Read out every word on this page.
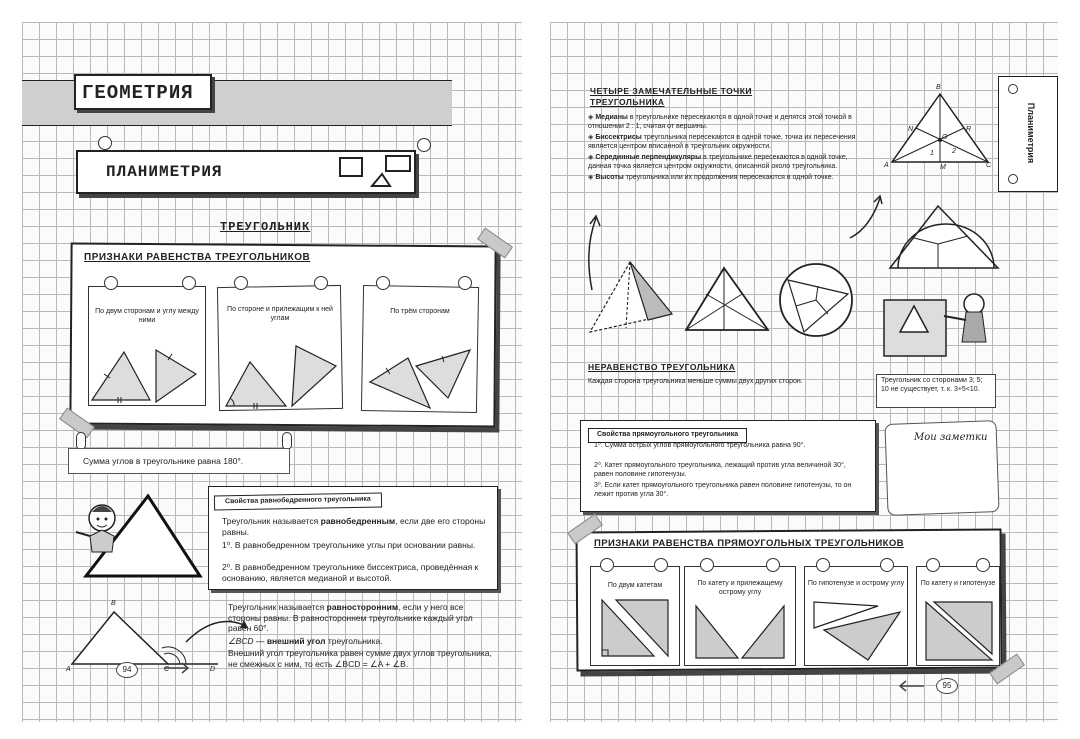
ГЕОМЕТРИЯ
ПЛАНИМЕТРИЯ
ТРЕУГОЛЬНИК
ПРИЗНАКИ РАВЕНСТВА ТРЕУГОЛЬНИКОВ
По двум сторонам и углу между ними
По стороне и прилежащим к ней углам
По трём сторонам
Сумма углов в треугольнике равна 180°.
Свойства равнобедренного треугольника
Треугольник называется равнобедренным, если две его стороны равны.
1⁰. В равнобедренном треугольнике углы при основании равны.
2⁰. В равнобедренном треугольнике биссектриса, проведённая к основанию, является медианой и высотой.
B
A	C	D
Треугольник называется равносторонним, если у него все стороны равны. В равностороннем треугольнике каждый угол равен 60°.
∠BCD — внешний угол треугольника.
Внешний угол треугольника равен сумме двух углов треугольника, не смежных с ним, то есть ∠BCD = ∠A + ∠B.
94
Планиметрия
ЧЕТЫРЕ ЗАМЕЧАТЕЛЬНЫЕ ТОЧКИ
ТРЕУГОЛЬНИКА
◈ Медианы в треугольнике пересекаются в одной точке и делятся этой точкой в отношении 2 : 1, считая от вершины.
◈ Биссектрисы треугольника пересекаются в одной точке, точка их пересечения является центром вписанной в треугольник окружности.
◈ Серединные перпендикуляры в треугольнике пересекаются в одной точке, данная точка является центром окружности, описанной около треугольника.
◈ Высоты треугольника или их продолжения пересекаются в одной точке.
B
N	R
O
2
1
A	M	C
НЕРАВЕНСТВО ТРЕУГОЛЬНИКА
Каждая сторона треугольника меньше суммы двух других сторон.	Треугольник со сторонами 3; 5; 10 не существует, т. к. 3+5<10.
Мои заметки
Свойства прямоугольного треугольника
1⁰. Сумма острых углов прямоугольного треугольника равна 90°.
2⁰. Катет прямоугольного треугольника, лежащий против угла величиной 30°, равен половине гипотенузы.
3⁰. Если катет прямоугольного треугольника равен половине гипотенузы, то он лежит против угла 30°.
ПРИЗНАКИ РАВЕНСТВА ПРЯМОУГОЛЬНЫХ ТРЕУГОЛЬНИКОВ
По двум катетам	По катету и прилежащему острому углу
По гипотенузе и острому углу	По катету и гипотенузе
95
